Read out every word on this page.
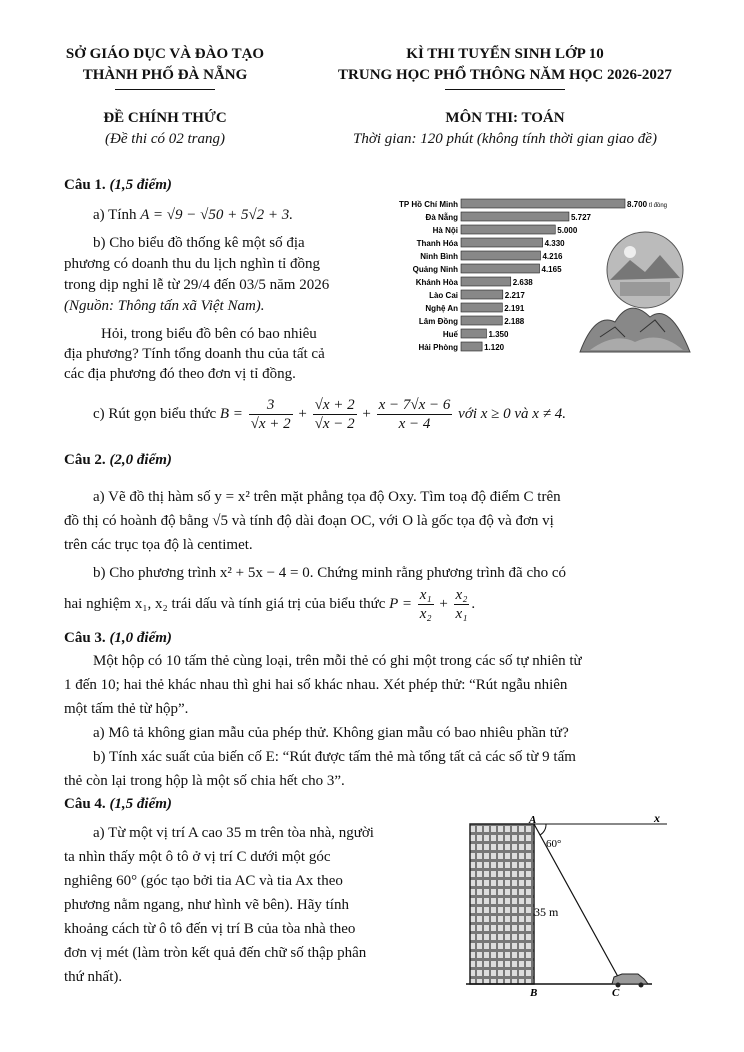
SỞ GIÁO DỤC VÀ ĐÀO TẠO
THÀNH PHỐ ĐÀ NẴNG
KÌ THI TUYỂN SINH LỚP 10
TRUNG HỌC PHỔ THÔNG NĂM HỌC 2026-2027
ĐỀ CHÍNH THỨC
(Đề thi có 02 trang)
MÔN THI: TOÁN
Thời gian: 120 phút (không tính thời gian giao đề)
Câu 1. (1,5 điểm)
a) Tính A = √9 − √50 + 5√2 + 3.
b) Cho biểu đồ thống kê một số địa
phương có doanh thu du lịch nghìn tỉ đồng
trong dịp nghỉ lễ từ 29/4 đến 03/5 năm 2026
(Nguồn: Thông tấn xã Việt Nam).
Hỏi, trong biểu đồ bên có bao nhiêu
địa phương? Tính tổng doanh thu của tất cả
các địa phương đó theo đơn vị tỉ đồng.
TP Hồ Chí Minh	8.700 tỉ đồng
Đà Nẵng	5.727
Hà Nội	5.000
Thanh Hóa	4.330
Ninh Bình	4.216
Quảng Ninh	4.165
Khánh Hòa	2.638
Lào Cai	2.217
Nghệ An	2.191
Lâm Đồng	2.188
Huế	1.350
Hải Phòng	1.120
c) Rút gọn biểu thức $B = \frac{3}{√x + 2} + \frac{√x + 2}{√x - 2} + \frac{x - 7√x - 6}{x - 4}$ với x ≥ 0 và x ≠ 4.
Câu 2. (2,0 điểm)
a) Vẽ đồ thị hàm số y = x² trên mặt phẳng tọa độ Oxy. Tìm toạ độ điểm C trên
đồ thị có hoành độ bằng √5 và tính độ dài đoạn OC, với O là gốc tọa độ và đơn vị
trên các trục tọa độ là centimet.
b) Cho phương trình x² + 5x − 4 = 0. Chứng minh rằng phương trình đã cho có
hai nghiệm x₁, x₂ trái dấu và tính giá trị của biểu thức $P = \frac{\text{x₁}}{\text{x₂}} + \frac{\text{x₂}}{\text{x₁}}$ .
Câu 3. (1,0 điểm)
Một hộp có 10 tấm thẻ cùng loại, trên mỗi thẻ có ghi một trong các số tự nhiên từ
1 đến 10; hai thẻ khác nhau thì ghi hai số khác nhau. Xét phép thử: “Rút ngẫu nhiên
một tấm thẻ từ hộp”.
a) Mô tả không gian mẫu của phép thử. Không gian mẫu có bao nhiêu phần tử?
b) Tính xác suất của biến cố E: “Rút được tấm thẻ mà tổng tất cả các số từ 9 tấm
thẻ còn lại trong hộp là một số chia hết cho 3”.
Câu 4. (1,5 điểm)
a) Từ một vị trí A cao 35 m trên tòa nhà, người
ta nhìn thấy một ô tô ở vị trí C dưới một góc
nghiêng 60° (góc tạo bởi tia AC và tia Ax theo
phương nằm ngang, như hình vẽ bên). Hãy tính
khoảng cách từ ô tô đến vị trí B của tòa nhà theo
đơn vị mét (làm tròn kết quả đến chữ số thập phân
thứ nhất).
A	x
60°
35 m
B	C
